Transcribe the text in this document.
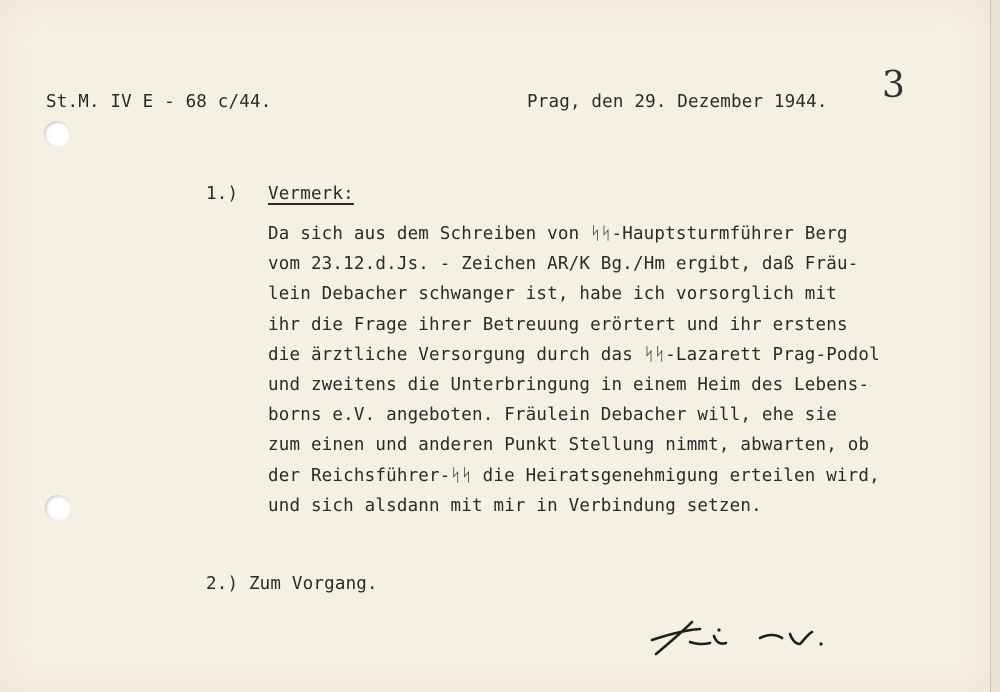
St.M. IV E - 68 c/44.	Prag, den 29. Dezember 1944. 3
1.) Vermerk:
Da sich aus dem Schreiben von ᛋᛋ-Hauptsturmführer Berg
vom 23.12.d.Js. - Zeichen AR/K Bg./Hm ergibt, daß Fräu-
lein Debacher schwanger ist, habe ich vorsorglich mit
ihr die Frage ihrer Betreuung erörtert und ihr erstens
die ärztliche Versorgung durch das ᛋᛋ-Lazarett Prag-Podol
und zweitens die Unterbringung in einem Heim des Lebens-
borns e.V. angeboten. Fräulein Debacher will, ehe sie
zum einen und anderen Punkt Stellung nimmt, abwarten, ob
der Reichsführer-ᛋᛋ die Heiratsgenehmigung erteilen wird,
und sich alsdann mit mir in Verbindung setzen.
2.) Zum Vorgang.
